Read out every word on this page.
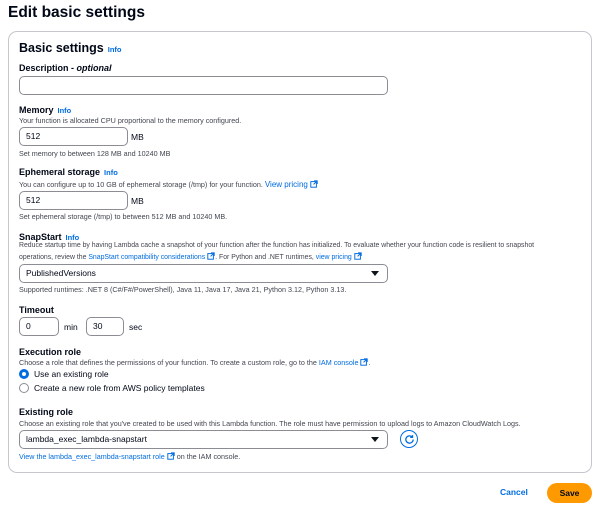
Edit basic settings
Basic settings Info
Description - optional
Memory Info
Your function is allocated CPU proportional to the memory configured.
512	MB
Set memory to between 128 MB and 10240 MB
Ephemeral storage Info
You can configure up to 10 GB of ephemeral storage (/tmp) for your function. View pricing
512	MB
Set ephemeral storage (/tmp) to between 512 MB and 10240 MB.
SnapStart Info
Reduce startup time by having Lambda cache a snapshot of your function after the function has initialized. To evaluate whether your function code is resilient to snapshot
operations, review the SnapStart compatibility considerations . For Python and .NET runtimes, view pricing
PublishedVersions
Supported runtimes: .NET 8 (C#/F#/PowerShell), Java 11, Java 17, Java 21, Python 3.12, Python 3.13.
Timeout
0	min	30	sec
Execution role
Choose a role that defines the permissions of your function. To create a custom role, go to the IAM console .
Use an existing role
Create a new role from AWS policy templates
Existing role
Choose an existing role that you've created to be used with this Lambda function. The role must have permission to upload logs to Amazon CloudWatch Logs.
lambda_exec_lambda-snapstart
View the lambda_exec_lambda-snapstart role on the IAM console.
Cancel	Save
